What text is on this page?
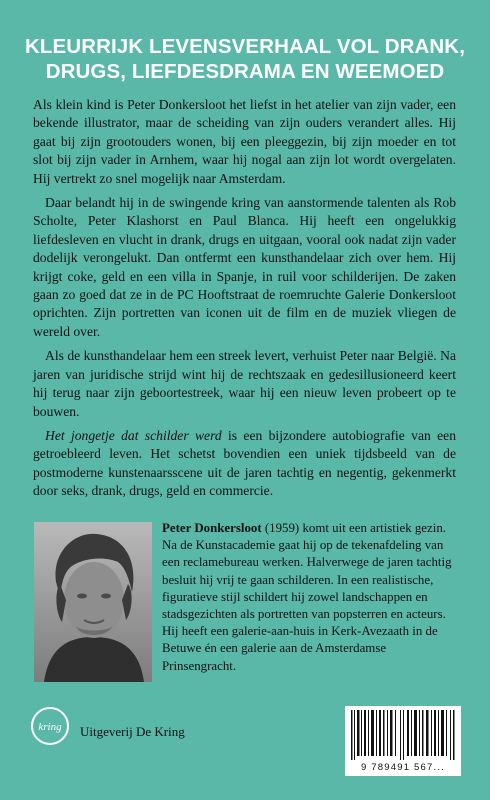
KLEURRIJK LEVENSVERHAAL VOL DRANK,
DRUGS, LIEFDESDRAMA EN WEEMOED

Als klein kind is Peter Donkersloot het liefst in het atelier van zijn vader, een bekende illustrator, maar de scheiding van zijn ouders verandert alles. Hij gaat bij zijn grootouders wonen, bij een pleeggezin, bij zijn moeder en tot slot bij zijn vader in Arnhem, waar hij nogal aan zijn lot wordt overgelaten. Hij vertrekt zo snel mogelijk naar Amsterdam.

Daar belandt hij in de swingende kring van aanstormende talenten als Rob Scholte, Peter Klashorst en Paul Blanca. Hij heeft een ongelukkig liefdesleven en vlucht in drank, drugs en uitgaan, vooral ook nadat zijn vader dodelijk verongelukt. Dan ontfermt een kunsthandelaar zich over hem. Hij krijgt coke, geld en een villa in Spanje, in ruil voor schilderijen. De zaken gaan zo goed dat ze in de PC Hooftstraat de roemruchte Galerie Donkersloot oprichten. Zijn portretten van iconen uit de film en de muziek vliegen de wereld over.

Als de kunsthandelaar hem een streek levert, verhuist Peter naar België. Na jaren van juridische strijd wint hij de rechtszaak en gedesillusioneerd keert hij terug naar zijn geboortestreek, waar hij een nieuw leven probeert op te bouwen.

Het jongetje dat schilder werd is een bijzondere autobiografie van een getroebleerd leven. Het schetst bovendien een uniek tijdsbeeld van de postmoderne kunstenaarsscene uit de jaren tachtig en negentig, gekenmerkt door seks, drank, drugs, geld en commercie.

Peter Donkersloot (1959) komt uit een artistiek gezin. Na de Kunstacademie gaat hij op de tekenafdeling van een reclamebureau werken. Halverwege de jaren tachtig besluit hij vrij te gaan schilderen. In een realistische, figuratieve stijl schildert hij zowel landschappen en stadsgezichten als portretten van popsterren en acteurs. Hij heeft een galerie-aan-huis in Kerk-Avezaath in de Betuwe én een galerie aan de Amsterdamse Prinsengracht.
kring Uitgeverij De Kring
9 789491 567...
